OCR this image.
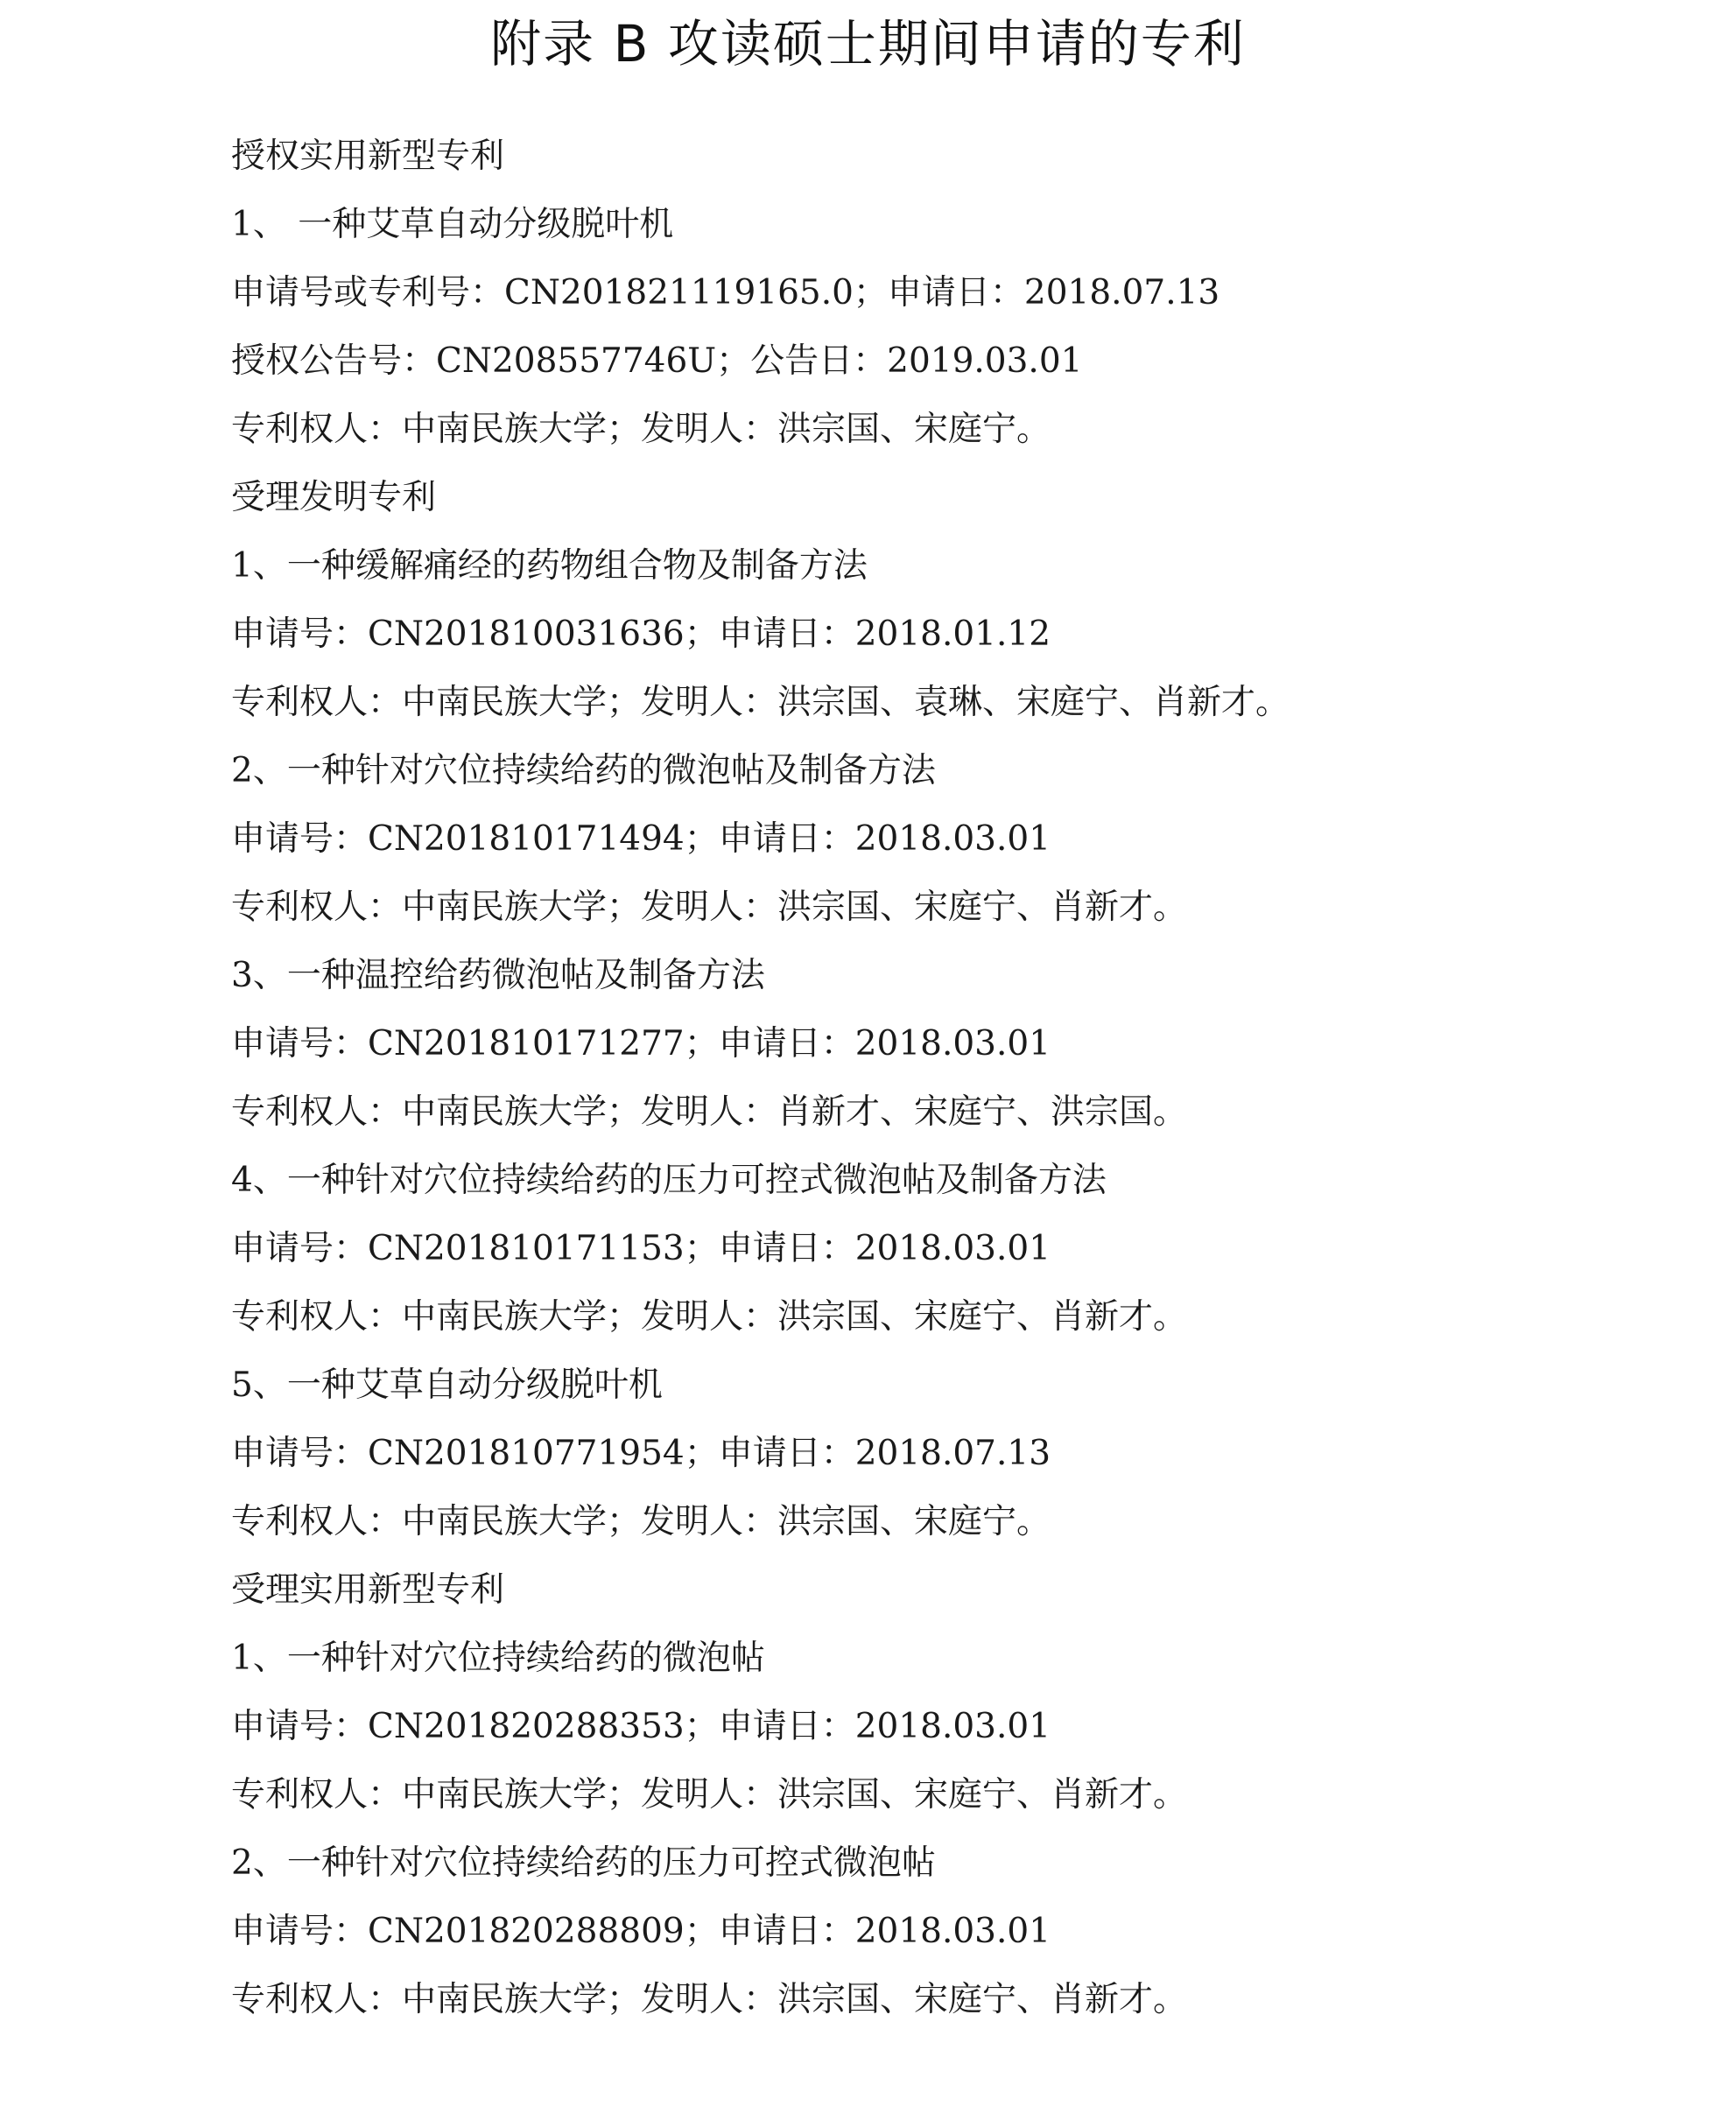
附录 B 攻读硕士期间申请的专利
授权实用新型专利
1、 一种艾草自动分级脱叶机
申请号或专利号：CN201821119165.0；申请日：2018.07.13
授权公告号：CN208557746U；公告日：2019.03.01
专利权人：中南民族大学；发明人：洪宗国、宋庭宁。
受理发明专利
1、一种缓解痛经的药物组合物及制备方法
申请号：CN201810031636；申请日：2018.01.12
专利权人：中南民族大学；发明人：洪宗国、袁琳、宋庭宁、肖新才。
2、一种针对穴位持续给药的微泡帖及制备方法
申请号：CN201810171494；申请日：2018.03.01
专利权人：中南民族大学；发明人：洪宗国、宋庭宁、肖新才。
3、一种温控给药微泡帖及制备方法
申请号：CN201810171277；申请日：2018.03.01
专利权人：中南民族大学；发明人：肖新才、宋庭宁、洪宗国。
4、一种针对穴位持续给药的压力可控式微泡帖及制备方法
申请号：CN201810171153；申请日：2018.03.01
专利权人：中南民族大学；发明人：洪宗国、宋庭宁、肖新才。
5、一种艾草自动分级脱叶机
申请号：CN201810771954；申请日：2018.07.13
专利权人：中南民族大学；发明人：洪宗国、宋庭宁。
受理实用新型专利
1、一种针对穴位持续给药的微泡帖
申请号：CN201820288353；申请日：2018.03.01
专利权人：中南民族大学；发明人：洪宗国、宋庭宁、肖新才。
2、一种针对穴位持续给药的压力可控式微泡帖
申请号：CN201820288809；申请日：2018.03.01
专利权人：中南民族大学；发明人：洪宗国、宋庭宁、肖新才。
